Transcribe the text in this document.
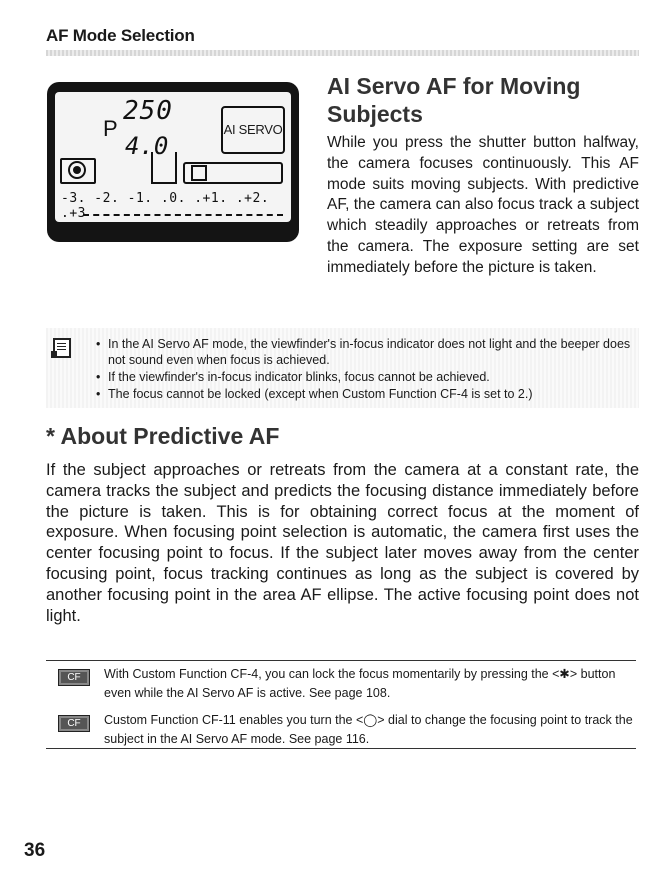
AF Mode Selection
P
250
4.0
AI SERVO
-3. -2. -1. .0. .+1. .+2. .+3
AI Servo AF for Moving Subjects
While you press the shutter button halfway, the camera focuses continuously. This AF mode suits moving subjects. With predictive AF, the camera can also focus track a subject which steadily approaches or retreats from the camera. The exposure setting are set immediately before the picture is taken.
• In the AI Servo AF mode, the viewfinder's in-focus indicator does not light and the beeper does not sound even when focus is achieved.
• If the viewfinder's in-focus indicator blinks, focus cannot be achieved.
• The focus cannot be locked (except when Custom Function CF-4 is set to 2.)
* About Predictive AF
If the subject approaches or retreats from the camera at a constant rate, the camera tracks the subject and predicts the focusing distance immediately before the picture is taken. This is for obtaining correct focus at the moment of exposure. When focusing point selection is automatic, the camera first uses the center focusing point to focus. If the subject later moves away from the center focusing point, focus tracking continues as long as the subject is covered by another focusing point in the area AF ellipse. The active focusing point does not light.
CF	With Custom Function CF-4, you can lock the focus momentarily by pressing the <✱> button even while the AI Servo AF is active. See page 108.
CF	Custom Function CF-11 enables you turn the <◯> dial to change the focusing point to track the subject in the AI Servo AF mode. See page 116.
36
